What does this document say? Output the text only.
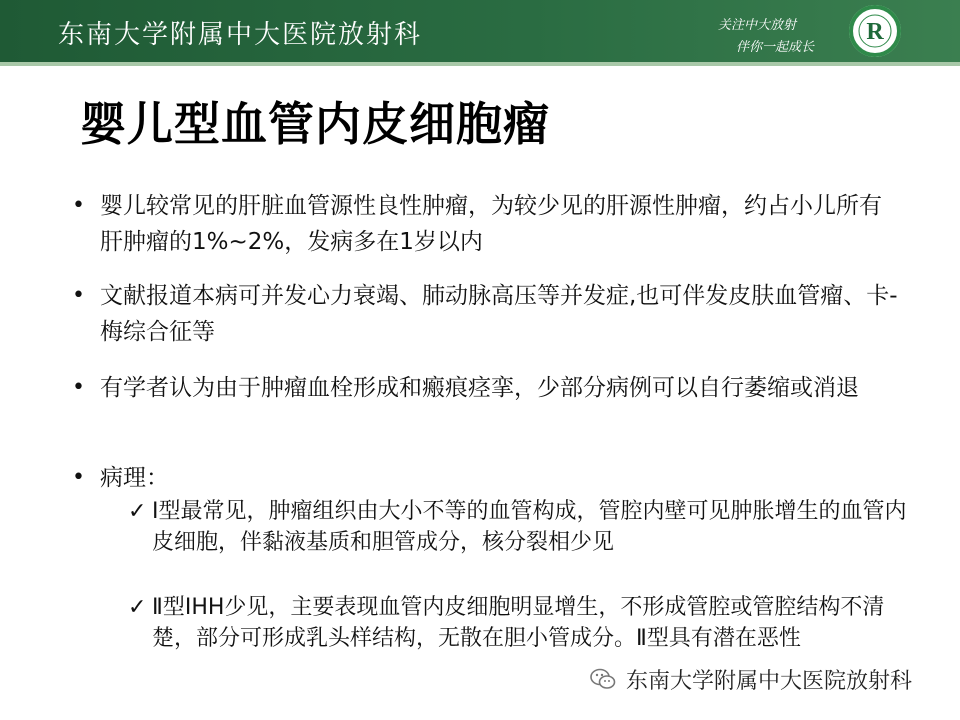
东南大学附属中大医院放射科	关注中大放射
伴你一起成长
R
婴儿型血管内皮细胞瘤
• 婴儿较常见的肝脏血管源性良性肿瘤，为较少见的肝源性肿瘤，约占小儿所有肝肿瘤的1%~2%，发病多在1岁以内
• 文献报道本病可并发心力衰竭、肺动脉高压等并发症,也可伴发皮肤血管瘤、卡-梅综合征等
• 有学者认为由于肿瘤血栓形成和瘢痕痉挛，少部分病例可以自行萎缩或消退
• 病理：
✓ Ⅰ型最常见，肿瘤组织由大小不等的血管构成，管腔内壁可见肿胀增生的血管内皮细胞，伴黏液基质和胆管成分，核分裂相少见
✓ Ⅱ型IHH少见，主要表现血管内皮细胞明显增生，不形成管腔或管腔结构不清楚，部分可形成乳头样结构，无散在胆小管成分。Ⅱ型具有潜在恶性
东南大学附属中大医院放射科
